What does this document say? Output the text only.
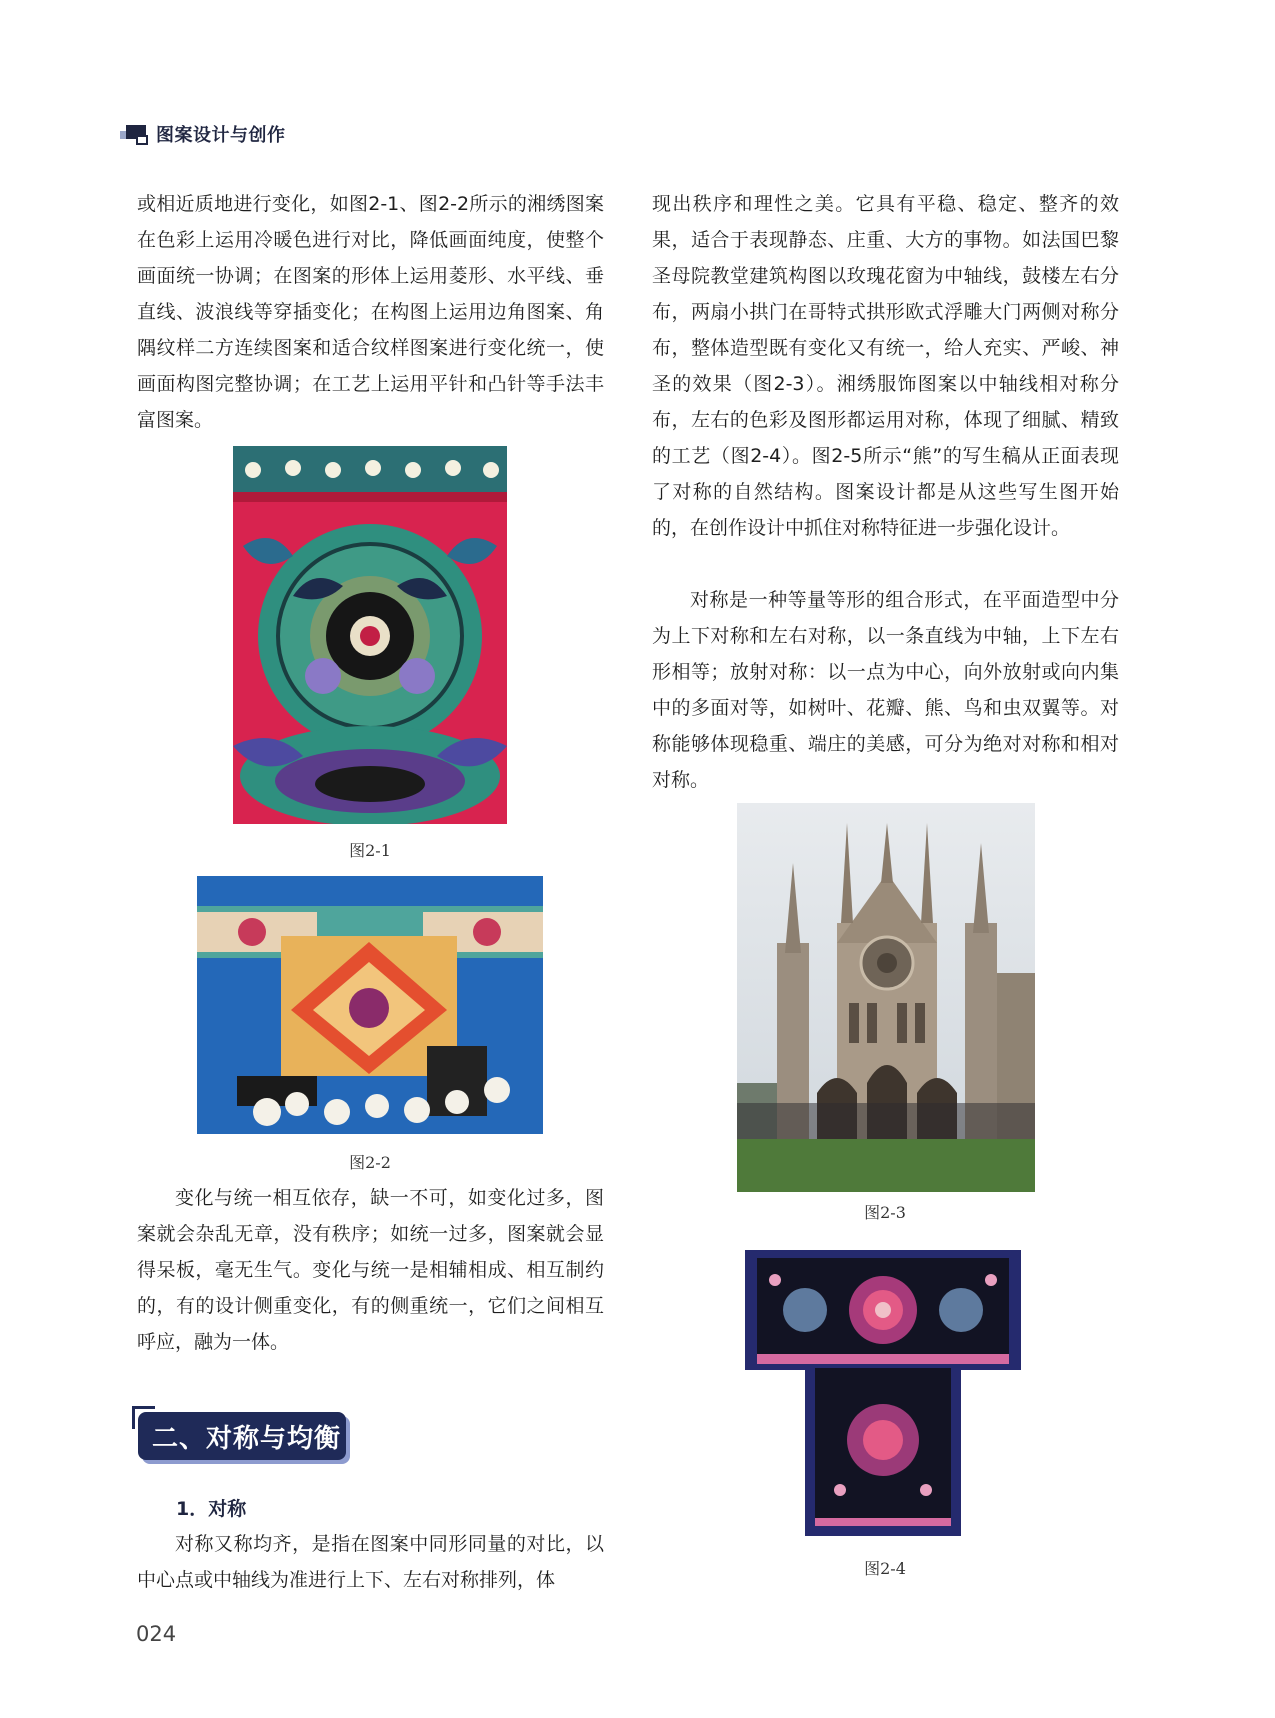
图案设计与创作

或相近质地进行变化，如图2-1、图2-2所示的湘绣图案在色彩上运用冷暖色进行对比，降低画面纯度，使整个画面统一协调；在图案的形体上运用菱形、水平线、垂直线、波浪线等穿插变化；在构图上运用边角图案、角隅纹样二方连续图案和适合纹样图案进行变化统一，使画面构图完整协调；在工艺上运用平针和凸针等手法丰富图案。

图2-1
图2-2

变化与统一相互依存，缺一不可，如变化过多，图案就会杂乱无章，没有秩序；如统一过多，图案就会显得呆板，毫无生气。变化与统一是相辅相成、相互制约的，有的设计侧重变化，有的侧重统一，它们之间相互呼应，融为一体。

二、对称与均衡
1．对称

对称又称均齐，是指在图案中同形同量的对比，以中心点或中轴线为准进行上下、左右对称排列，体

现出秩序和理性之美。它具有平稳、稳定、整齐的效果，适合于表现静态、庄重、大方的事物。如法国巴黎圣母院教堂建筑构图以玫瑰花窗为中轴线，鼓楼左右分布，两扇小拱门在哥特式拱形欧式浮雕大门两侧对称分布，整体造型既有变化又有统一，给人充实、严峻、神圣的效果（图2-3）。湘绣服饰图案以中轴线相对称分布，左右的色彩及图形都运用对称，体现了细腻、精致的工艺（图2-4）。图2-5所示“熊”的写生稿从正面表现了对称的自然结构。图案设计都是从这些写生图开始的，在创作设计中抓住对称特征进一步强化设计。

对称是一种等量等形的组合形式，在平面造型中分为上下对称和左右对称，以一条直线为中轴，上下左右形相等；放射对称：以一点为中心，向外放射或向内集中的多面对等，如树叶、花瓣、熊、鸟和虫双翼等。对称能够体现稳重、端庄的美感，可分为绝对对称和相对对称。

图2-3
图2-4
024
